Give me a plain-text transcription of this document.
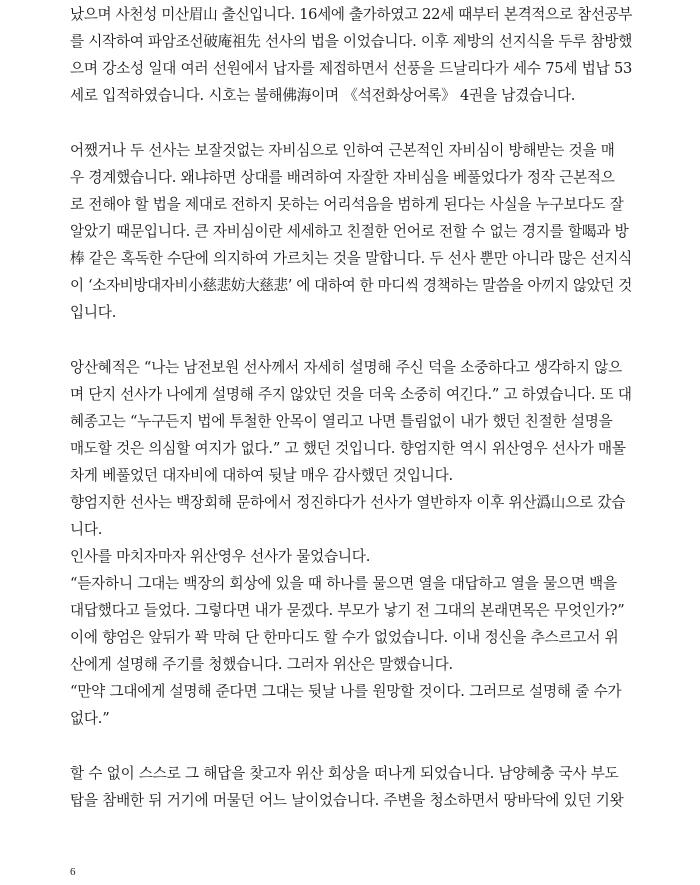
났으며 사천성 미산眉山 출신입니다. 16세에 출가하였고 22세 때부터 본격적으로 참선공부
를 시작하여 파암조선破庵祖先 선사의 법을 이었습니다. 이후 제방의 선지식을 두루 참방했
으며 강소성 일대 여러 선원에서 납자를 제접하면서 선풍을 드날리다가 세수 75세 법납 53
세로 입적하였습니다. 시호는 불해佛海이며 《석전화상어록》 4권을 남겼습니다.

어쨌거나 두 선사는 보잘것없는 자비심으로 인하여 근본적인 자비심이 방해받는 것을 매
우 경계했습니다. 왜냐하면 상대를 배려하여 자잘한 자비심을 베풀었다가 정작 근본적으
로 전해야 할 법을 제대로 전하지 못하는 어리석음을 범하게 된다는 사실을 누구보다도 잘
알았기 때문입니다. 큰 자비심이란 세세하고 친절한 언어로 전할 수 없는 경지를 할喝과 방
棒 같은 혹독한 수단에 의지하여 가르치는 것을 말합니다. 두 선사 뿐만 아니라 많은 선지식
이 ‘소자비방대자비小慈悲妨大慈悲’ 에 대하여 한 마디씩 경책하는 말씀을 아끼지 않았던 것
입니다.

앙산혜적은 “나는 남전보원 선사께서 자세히 설명해 주신 덕을 소중하다고 생각하지 않으
며 단지 선사가 나에게 설명해 주지 않았던 것을 더욱 소중히 여긴다.” 고 하였습니다. 또 대
혜종고는 “누구든지 법에 투철한 안목이 열리고 나면 틀림없이 내가 했던 친절한 설명을
매도할 것은 의심할 여지가 없다.” 고 했던 것입니다. 향엄지한 역시 위산영우 선사가 매몰
차게 베풀었던 대자비에 대하여 뒷날 매우 감사했던 것입니다.
향엄지한 선사는 백장회해 문하에서 정진하다가 선사가 열반하자 이후 위산潙山으로 갔습
니다.
인사를 마치자마자 위산영우 선사가 물었습니다.
“듣자하니 그대는 백장의 회상에 있을 때 하나를 물으면 열을 대답하고 열을 물으면 백을
대답했다고 들었다. 그렇다면 내가 묻겠다. 부모가 낳기 전 그대의 본래면목은 무엇인가?”
이에 향엄은 앞뒤가 꽉 막혀 단 한마디도 할 수가 없었습니다. 이내 정신을 추스르고서 위
산에게 설명해 주기를 청했습니다. 그러자 위산은 말했습니다.
“만약 그대에게 설명해 준다면 그대는 뒷날 나를 원망할 것이다. 그러므로 설명해 줄 수가
없다.”

할 수 없이 스스로 그 해답을 찾고자 위산 회상을 떠나게 되었습니다. 남양혜충 국사 부도
탑을 참배한 뒤 거기에 머물던 어느 날이었습니다. 주변을 청소하면서 땅바닥에 있던 기왓

6
